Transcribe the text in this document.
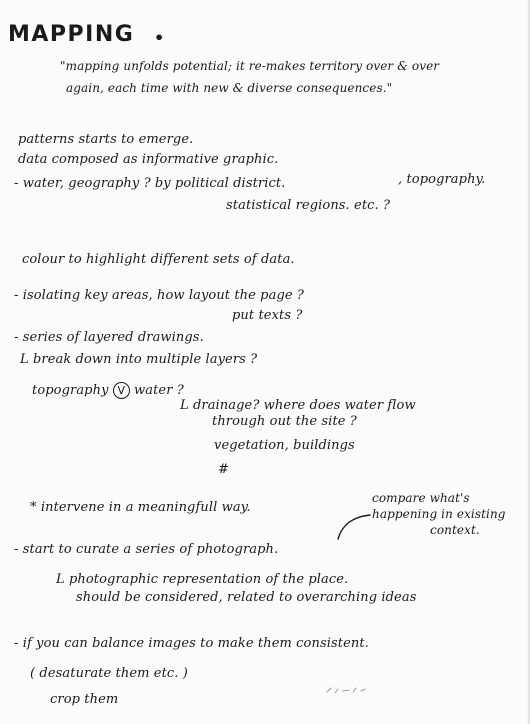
MAPPING •
"mapping unfolds potential; it re-makes territory over & over
again, each time with new & diverse consequences."
patterns starts to emerge.
data composed as informative graphic.
- water, geography ? by political district.	, topography.
statistical regions. etc. ?
colour to highlight different sets of data.
- isolating key areas, how layout the page ?
put texts ?
- series of layered drawings.
L break down into multiple layers ?
topography V water ?
L drainage? where does water flow
through out the site ?
vegetation, buildings
#
* intervene in a meaningfull way.
compare what's
happening in existing
context.
- start to curate a series of photograph.
L photographic representation of the place.
should be considered, related to overarching ideas
- if you can balance images to make them consistent.
( desaturate them etc. )
crop them
